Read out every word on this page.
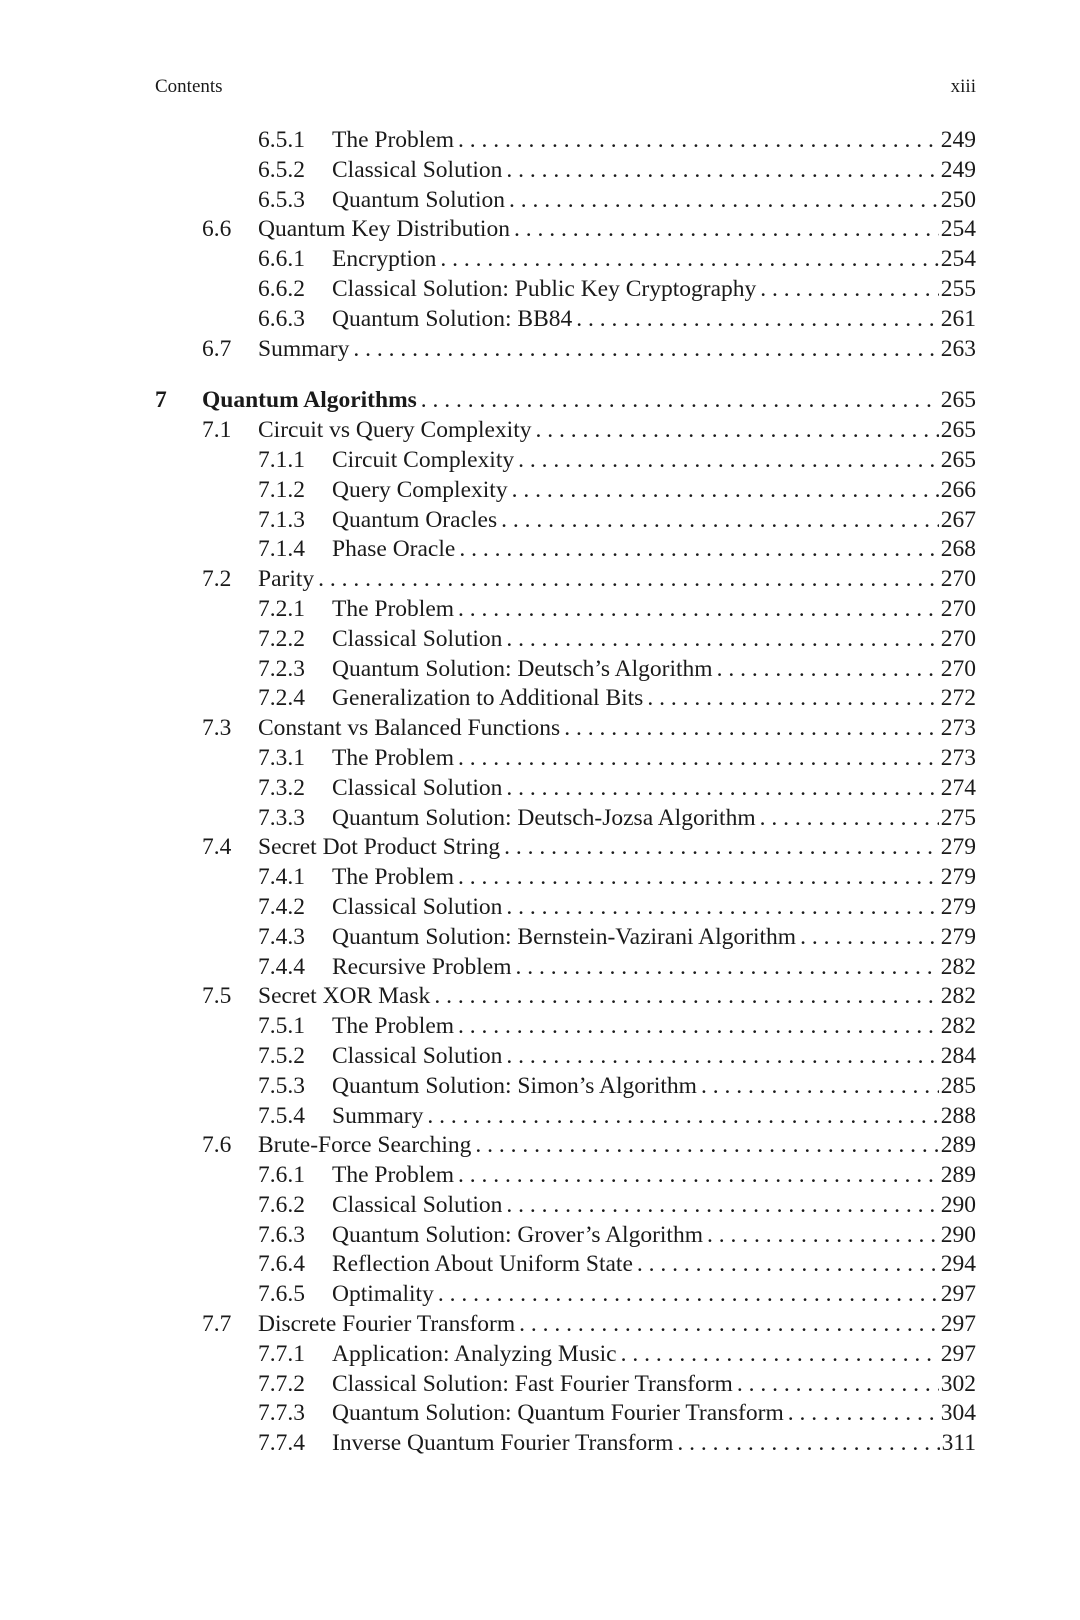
Contents	xiii
6.5.1 The Problem . . .	249
6.5.2 Classical Solution . . .	249
6.5.3 Quantum Solution . . .	250
6.6 Quantum Key Distribution . . .	254
6.6.1 Encryption . . .	254
6.6.2 Classical Solution: Public Key Cryptography . . .	255
6.6.3 Quantum Solution: BB84 . . .	261
6.7 Summary . . .	263
7 Quantum Algorithms . . .	265
7.1 Circuit vs Query Complexity . . .	265
7.1.1 Circuit Complexity . . .	265
7.1.2 Query Complexity . . .	266
7.1.3 Quantum Oracles . . .	267
7.1.4 Phase Oracle . . .	268
7.2 Parity . . .	270
7.2.1 The Problem . . .	270
7.2.2 Classical Solution . . .	270
7.2.3 Quantum Solution: Deutsch’s Algorithm . . .	270
7.2.4 Generalization to Additional Bits . . .	272
7.3 Constant vs Balanced Functions . . .	273
7.3.1 The Problem . . .	273
7.3.2 Classical Solution . . .	274
7.3.3 Quantum Solution: Deutsch-Jozsa Algorithm . . .	275
7.4 Secret Dot Product String . . .	279
7.4.1 The Problem . . .	279
7.4.2 Classical Solution . . .	279
7.4.3 Quantum Solution: Bernstein-Vazirani Algorithm . . .	279
7.4.4 Recursive Problem . . .	282
7.5 Secret XOR Mask . . .	282
7.5.1 The Problem . . .	282
7.5.2 Classical Solution . . .	284
7.5.3 Quantum Solution: Simon’s Algorithm . . .	285
7.5.4 Summary . . .	288
7.6 Brute-Force Searching . . .	289
7.6.1 The Problem . . .	289
7.6.2 Classical Solution . . .	290
7.6.3 Quantum Solution: Grover’s Algorithm . . .	290
7.6.4 Reflection About Uniform State . . .	294
7.6.5 Optimality . . .	297
7.7 Discrete Fourier Transform . . .	297
7.7.1 Application: Analyzing Music . . .	297
7.7.2 Classical Solution: Fast Fourier Transform . . .	302
7.7.3 Quantum Solution: Quantum Fourier Transform . . .	304
7.7.4 Inverse Quantum Fourier Transform . . .	311
